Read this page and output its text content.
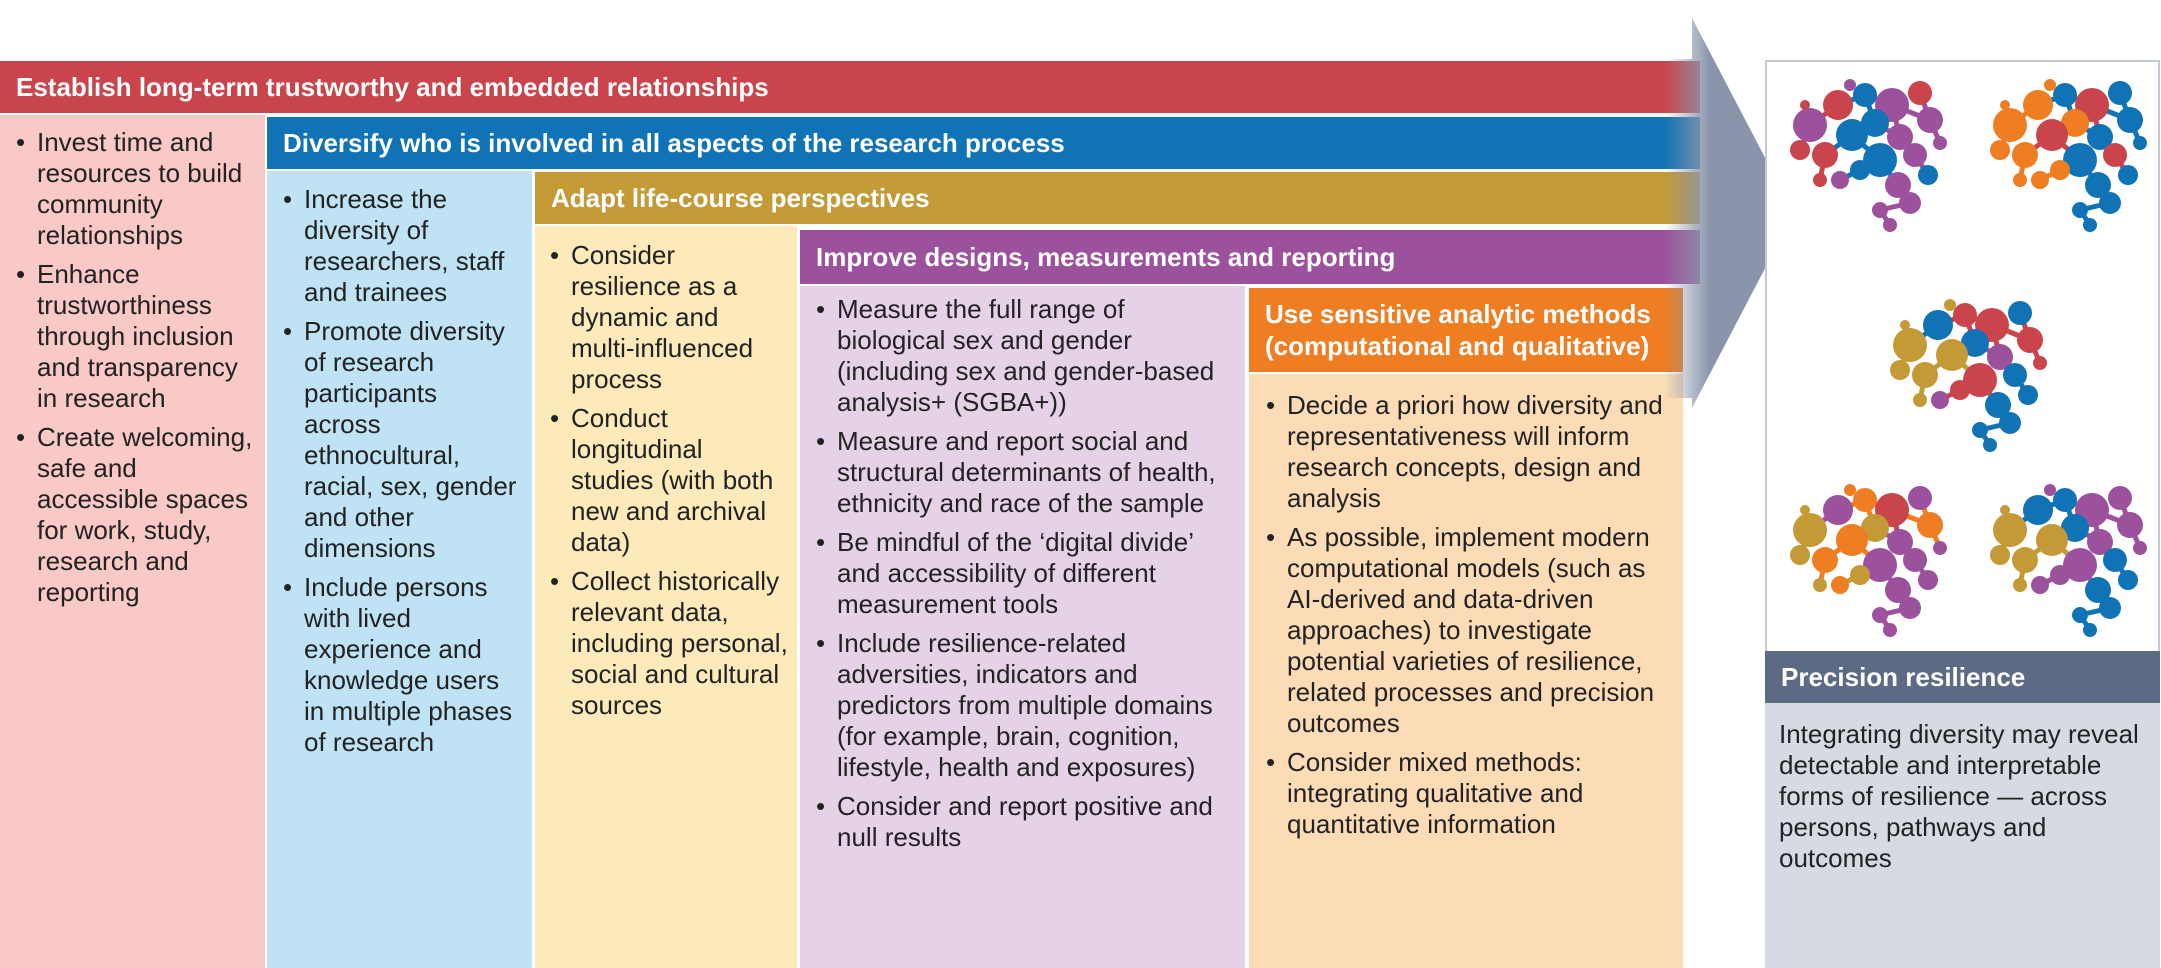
• Invest time and resources to build community relationships
• Enhance trustworthiness through inclusion and transparency in research
• Create welcoming, safe and accessible spaces for work, study, research and reporting
• Increase the diversity of researchers, staff and trainees
• Promote diversity of research participants across ethnocultural, racial, sex, gender and other dimensions
• Include persons with lived experience and knowledge users in multiple phases of research
• Consider resilience as a dynamic and multi-influenced process
• Conduct longitudinal studies (with both new and archival data)
• Collect historically relevant data, including personal, social and cultural sources
• Measure the full range of biological sex and gender (including sex and gender-based analysis+ (SGBA+))
• Measure and report social and structural determinants of health, ethnicity and race of the sample
• Be mindful of the ‘digital divide’ and accessibility of different measurement tools
• Include resilience-related adversities, indicators and predictors from multiple domains (for example, brain, cognition, lifestyle, health and exposures)
• Consider and report positive and null results
• Decide a priori how diversity and representativeness will inform research concepts, design and analysis
• As possible, implement modern computational models (such as AI-derived and data-driven approaches) to investigate potential varieties of resilience, related processes and precision outcomes
• Consider mixed methods: integrating qualitative and quantitative information
Establish long-term trustworthy and embedded relationships
Diversify who is involved in all aspects of the research process
Adapt life-course perspectives
Improve designs, measurements and reporting
Use sensitive analytic methods (computational and qualitative)
Precision resilience
Integrating diversity may reveal detectable and interpretable forms of resilience — across persons, pathways and outcomes
